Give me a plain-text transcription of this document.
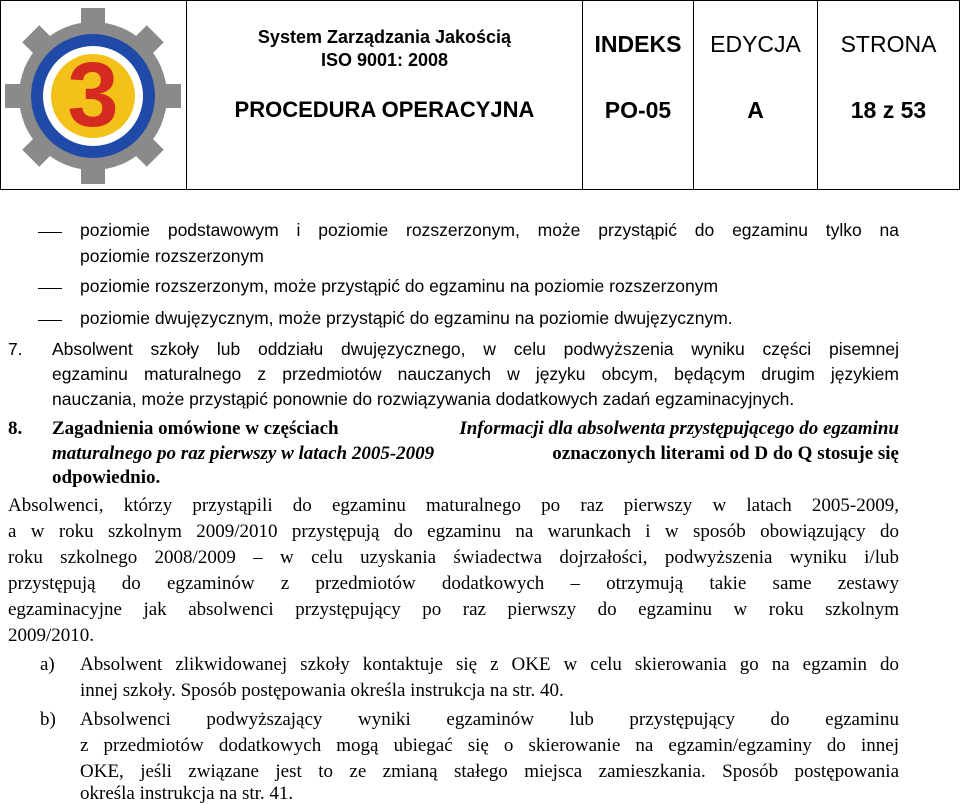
3
System Zarządzania Jakością
ISO 9001: 2008
PROCEDURA OPERACYJNA
INDEKS
PO-05
EDYCJA
A
STRONA
18 z 53
poziomie podstawowym i poziomie rozszerzonym, może przystąpić do egzaminu tylko na
poziomie rozszerzonym
poziomie rozszerzonym, może przystąpić do egzaminu na poziomie rozszerzonym
poziomie dwujęzycznym, może przystąpić do egzaminu na poziomie dwujęzycznym.
7. Absolwent szkoły lub oddziału dwujęzycznego, w celu podwyższenia wyniku części pisemnej
egzaminu maturalnego z przedmiotów nauczanych w języku obcym, będącym drugim językiem
nauczania, może przystąpić ponownie do rozwiązywania dodatkowych zadań egzaminacyjnych.
8. Zagadnienia omówione w częściach	Informacji dla absolwenta przystępującego do egzaminu
maturalnego po raz pierwszy w latach 2005-2009	oznaczonych literami od D do Q stosuje się
odpowiednio.
Absolwenci, którzy przystąpili do egzaminu maturalnego po raz pierwszy w latach 2005-2009,
a w roku szkolnym 2009/2010 przystępują do egzaminu na warunkach i w sposób obowiązujący do
roku szkolnego 2008/2009 – w celu uzyskania świadectwa dojrzałości, podwyższenia wyniku i/lub
przystępują do egzaminów z przedmiotów dodatkowych – otrzymują takie same zestawy
egzaminacyjne jak absolwenci przystępujący po raz pierwszy do egzaminu w roku szkolnym
2009/2010.
a) Absolwent zlikwidowanej szkoły kontaktuje się z OKE w celu skierowania go na egzamin do
innej szkoły. Sposób postępowania określa instrukcja na str. 40.
b) Absolwenci podwyższający wyniki egzaminów lub przystępujący do egzaminu
z przedmiotów dodatkowych mogą ubiegać się o skierowanie na egzamin/egzaminy do innej
OKE, jeśli związane jest to ze zmianą stałego miejsca zamieszkania. Sposób postępowania
określa instrukcja na str. 41.
